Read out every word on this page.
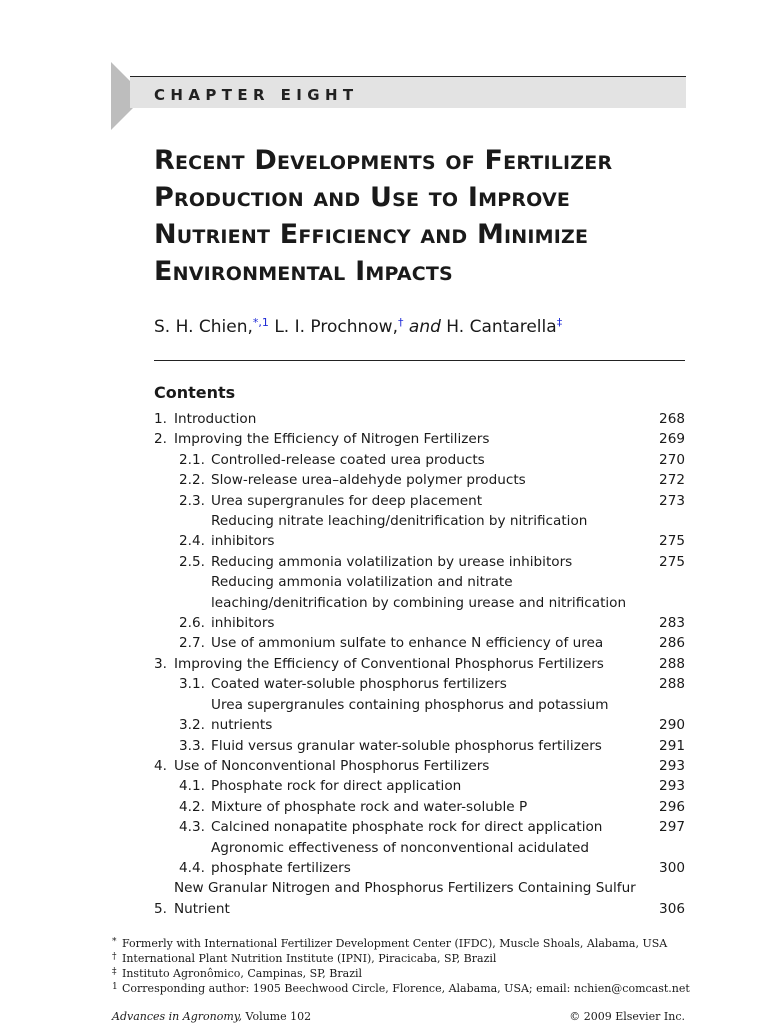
CHAPTER EIGHT
Recent Developments of Fertilizer
Production and Use to Improve
Nutrient Efficiency and Minimize
Environmental Impacts
S. H. Chien,$^{*,1}$ L. I. Prochnow,† and H. Cantarella‡
Contents
1. Introduction	268
2. Improving the Efficiency of Nitrogen Fertilizers	269
2.1. Controlled-release coated urea products	270
2.2. Slow-release urea–aldehyde polymer products	272
2.3. Urea supergranules for deep placement	273
2.4.
Reducing nitrate leaching/denitrification by nitrification inhibitors	275
2.5. Reducing ammonia volatilization by urease inhibitors	275
2.6.
Reducing ammonia volatilization and nitrate leaching/denitrification by combining urease and nitrification inhibitors	283
2.7. Use of ammonium sulfate to enhance N efficiency of urea	286
3. Improving the Efficiency of Conventional Phosphorus Fertilizers	288
3.1. Coated water-soluble phosphorus fertilizers	288
3.2.
Urea supergranules containing phosphorus and potassium nutrients	290
3.3. Fluid versus granular water-soluble phosphorus fertilizers	291
4. Use of Nonconventional Phosphorus Fertilizers	293
4.1. Phosphate rock for direct application	293
4.2. Mixture of phosphate rock and water-soluble P	296
4.3. Calcined nonapatite phosphate rock for direct application	297
4.4.
Agronomic effectiveness of nonconventional acidulated phosphate fertilizers	300
5.
New Granular Nitrogen and Phosphorus Fertilizers Containing Sulfur Nutrient	306
* Formerly with International Fertilizer Development Center (IFDC), Muscle Shoals, Alabama, USA
† International Plant Nutrition Institute (IPNI), Piracicaba, SP, Brazil
‡ Instituto Agronômico, Campinas, SP, Brazil
1 Corresponding author: 1905 Beechwood Circle, Florence, Alabama, USA; email: nchien@comcast.net
Advances in Agronomy, Volume 102	© 2009 Elsevier Inc.
